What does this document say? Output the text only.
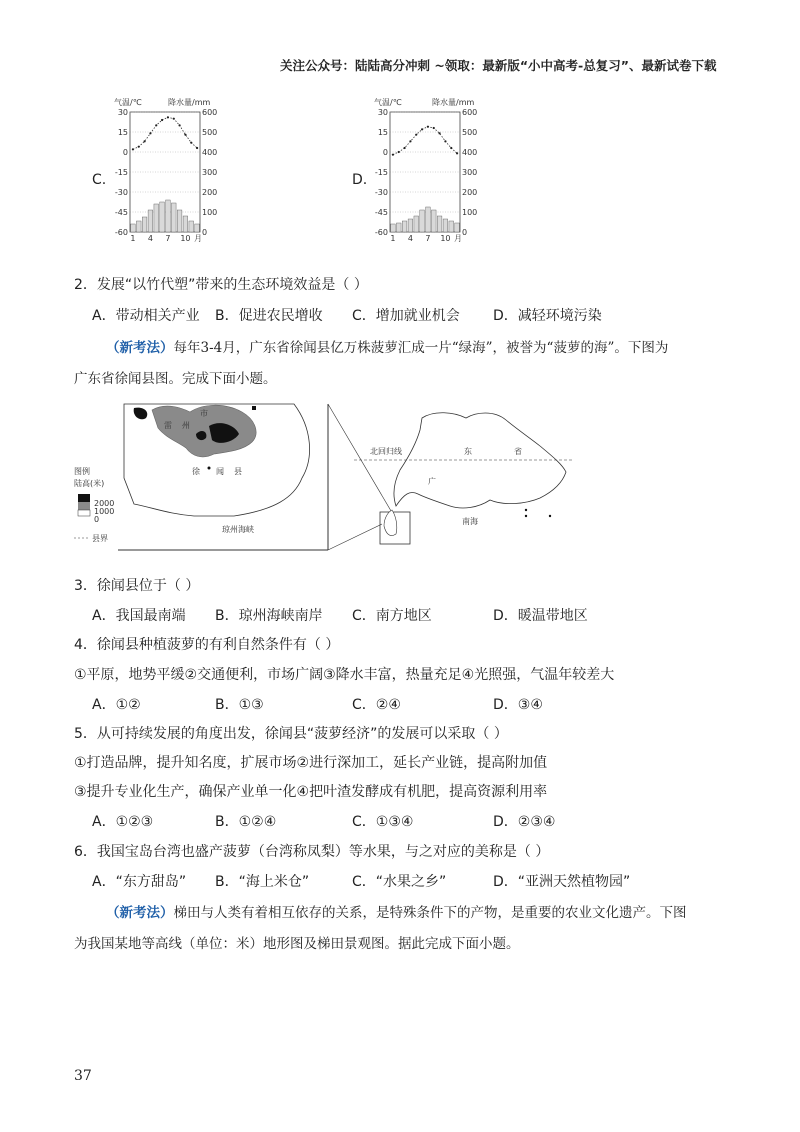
关注公众号：陆陆高分冲刺 ~领取：最新版“小中高考-总复习”、最新试卷下载
C.
气温/℃	降水量/mm
30
15
0
-15
-30
-45
-60
600
500
400
300
200
100
0
1 4 7 10 月
D.
气温/℃	降水量/mm
30
15
0
-15
-30
-45
-60
600
500
400
300
200
100
0
1 4 7 10 月
2．发展“以竹代塑”带来的生态环境效益是（ ）
A．带动相关产业 B．促进农民增收 C．增加就业机会 D．减轻环境污染
（新考法）每年3-4月，广东省徐闻县亿万株菠萝汇成一片“绿海”，被誉为“菠萝的海”。下图为
广东省徐闻县图。完成下面小题。
雷 州
市
徐 闻 县
琼州海峡
图例
陆高(米)
2000
1000
0
县界
北回归线	东	省
广
南海
3．徐闻县位于（ ）
A．我国最南端 B．琼州海峡南岸 C．南方地区	D．暖温带地区
4．徐闻县种植菠萝的有利自然条件有（ ）
①平原，地势平缓②交通便利，市场广阔③降水丰富，热量充足④光照强，气温年较差大
A．①②	B．①③	C．②④	D．③④
5．从可持续发展的角度出发，徐闻县“菠萝经济”的发展可以采取（ ）
①打造品牌，提升知名度，扩展市场②进行深加工，延长产业链，提高附加值
③提升专业化生产，确保产业单一化④把叶渣发酵成有机肥，提高资源利用率
A．①②③	B．①②④	C．①③④	D．②③④
6．我国宝岛台湾也盛产菠萝（台湾称凤梨）等水果，与之对应的美称是（ ）
A．“东方甜岛” B．“海上米仓”	C．“水果之乡”	D．“亚洲天然植物园”
（新考法）梯田与人类有着相互依存的关系，是特殊条件下的产物，是重要的农业文化遗产。下图
为我国某地等高线（单位：米）地形图及梯田景观图。据此完成下面小题。
37
